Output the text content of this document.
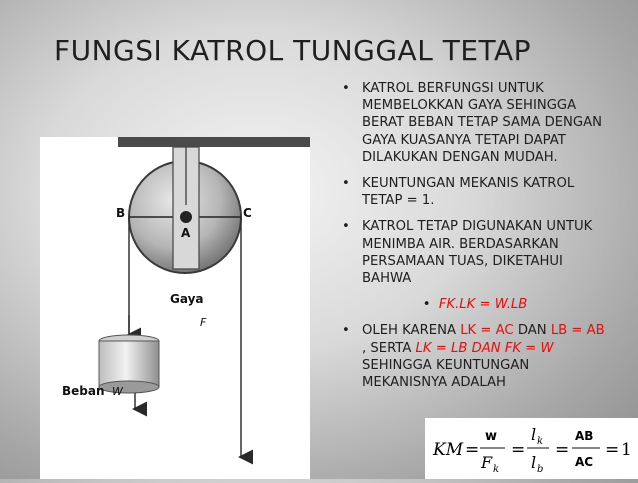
FUNGSI KATROL TUNGGAL TETAP
B	C
A
Gaya
F
Beban W

• KATROL BERFUNGSI UNTUK MEMBELOKKAN GAYA SEHINGGA BERAT BEBAN TETAP SAMA DENGAN GAYA KUASANYA TETAPI DAPAT DILAKUKAN DENGAN MUDAH.

• KEUNTUNGAN MEKANIS KATROL TETAP = 1.

• KATROL TETAP DIGUNAKAN UNTUK MENIMBA AIR. BERDASARKAN PERSAMAAN TUAS, DIKETAHUI BAHWA

•  FK.LK = W.LB

• OLEH KARENA LK = AC DAN LB = AB , SERTA LK = LB DAN FK = W SEHINGGA KEUNTUNGAN MEKANISNYA ADALAH

KM =
w
F k
=
l k
l b
=
AB
AC
= 1
